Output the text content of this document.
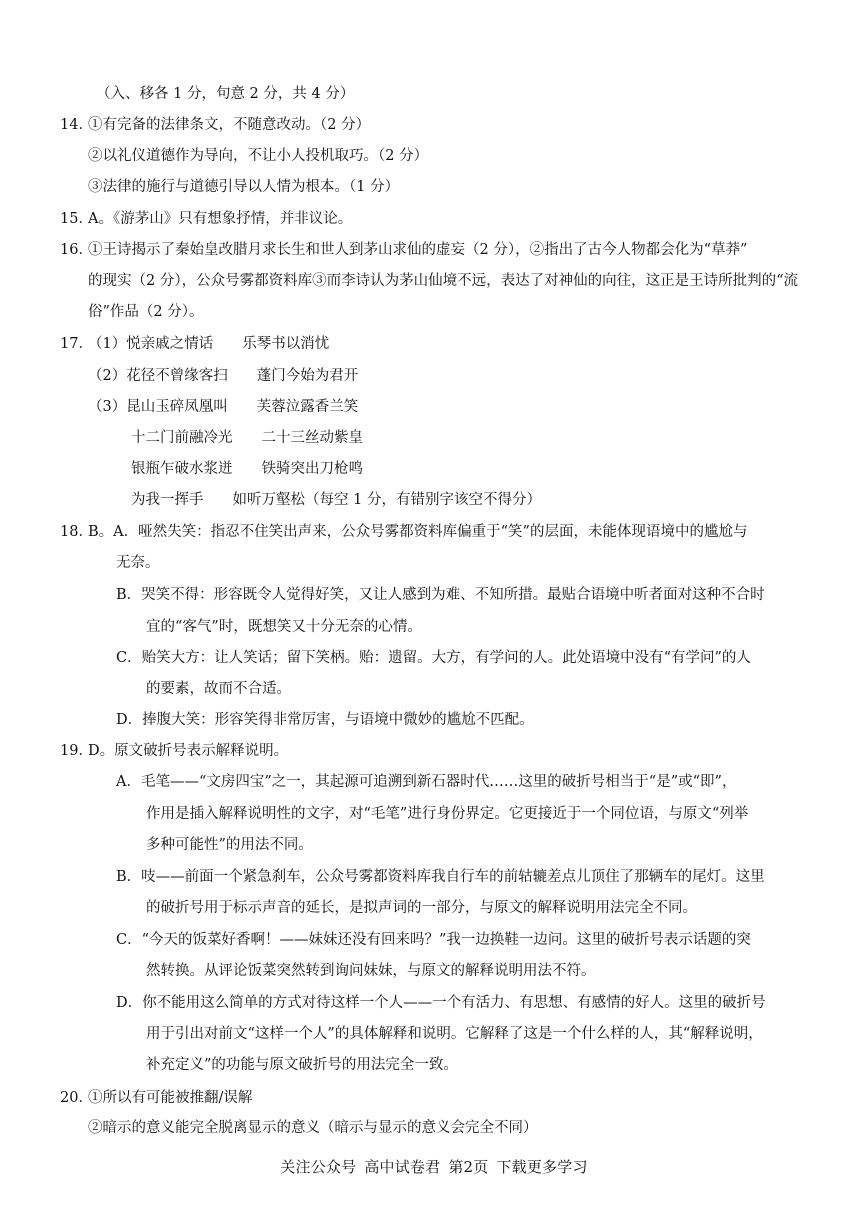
（入、移各 1 分，句意 2 分，共 4 分）
14．①有完备的法律条文，不随意改动。（2 分）
②以礼仪道德作为导向，不让小人投机取巧。（2 分）
③法律的施行与道德引导以人情为根本。（1 分）
15．A。《游茅山》只有想象抒情，并非议论。
16．①王诗揭示了秦始皇改腊月求长生和世人到茅山求仙的虚妄（2 分），②指出了古今人物都会化为“草莽”
的现实（2 分），公众号雾都资料库③而李诗认为茅山仙境不远，表达了对神仙的向往，这正是王诗所批判的“流
俗”作品（2 分）。
17．（1）悦亲戚之情话　　乐琴书以消忧
（2）花径不曾缘客扫　　蓬门今始为君开
（3）昆山玉碎凤凰叫　　芙蓉泣露香兰笑
十二门前融冷光　　二十三丝动紫皇
银瓶乍破水浆迸　　铁骑突出刀枪鸣
为我一挥手　　如听万壑松（每空 1 分，有错别字该空不得分）
18．B。A．哑然失笑：指忍不住笑出声来，公众号雾都资料库偏重于“笑”的层面，未能体现语境中的尴尬与
无奈。
B．哭笑不得：形容既令人觉得好笑，又让人感到为难、不知所措。最贴合语境中听者面对这种不合时
宜的“客气”时，既想笑又十分无奈的心情。
C．贻笑大方：让人笑话；留下笑柄。贻：遗留。大方，有学问的人。此处语境中没有“有学问”的人
的要素，故而不合适。
D．捧腹大笑：形容笑得非常厉害，与语境中微妙的尴尬不匹配。
19．D。原文破折号表示解释说明。
A．毛笔——“文房四宝”之一，其起源可追溯到新石器时代……这里的破折号相当于“是”或“即”，
作用是插入解释说明性的文字，对“毛笔”进行身份界定。它更接近于一个同位语，与原文“列举
多种可能性”的用法不同。
B．吱——前面一个紧急刹车，公众号雾都资料库我自行车的前轱辘差点儿顶住了那辆车的尾灯。这里
的破折号用于标示声音的延长，是拟声词的一部分，与原文的解释说明用法完全不同。
C．“今天的饭菜好香啊！——妹妹还没有回来吗？”我一边换鞋一边问。这里的破折号表示话题的突
然转换。从评论饭菜突然转到询问妹妹，与原文的解释说明用法不符。
D．你不能用这么简单的方式对待这样一个人——一个有活力、有思想、有感情的好人。这里的破折号
用于引出对前文“这样一个人”的具体解释和说明。它解释了这是一个什么样的人，其“解释说明，
补充定义”的功能与原文破折号的用法完全一致。
20．①所以有可能被推翻/误解
②暗示的意义能完全脱离显示的意义（暗示与显示的意义会完全不同）
关注公众号 高中试卷君 第2页 下载更多学习
